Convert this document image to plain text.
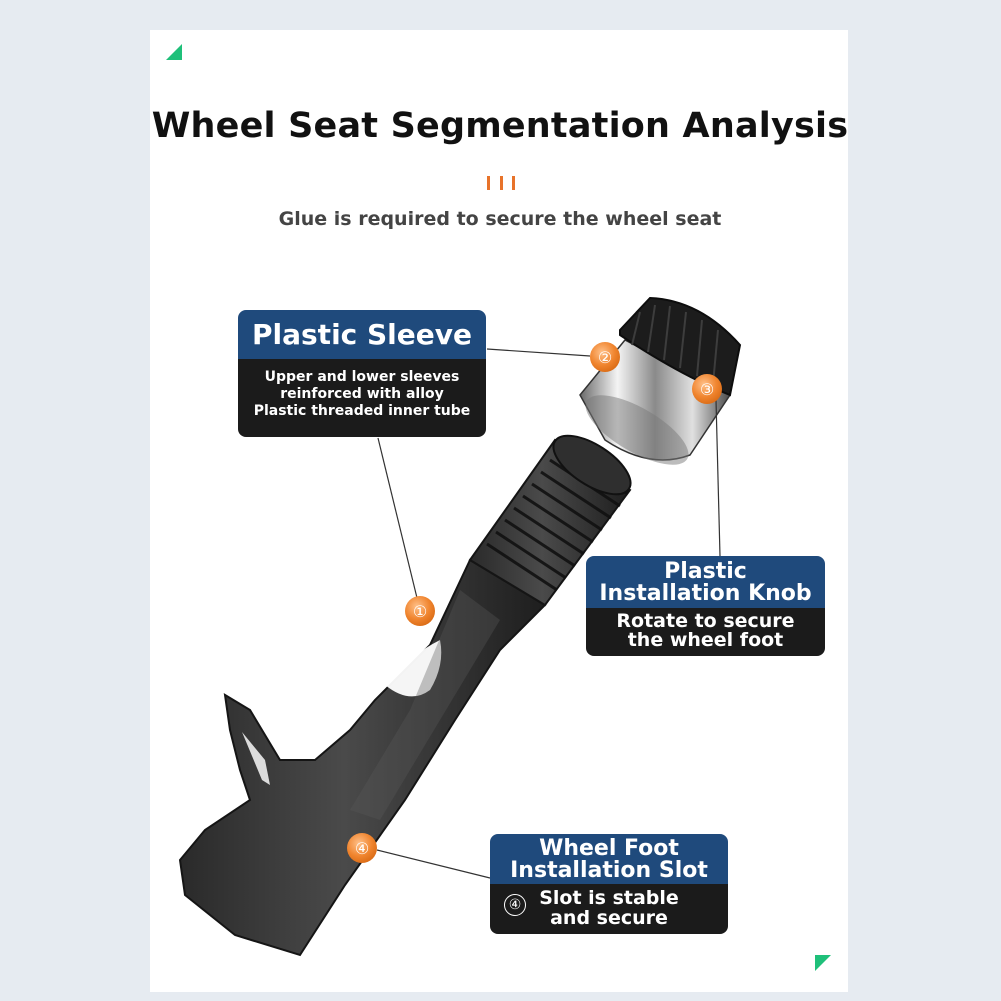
Wheel Seat Segmentation Analysis
Glue is required to secure the wheel seat
①
②
③
④
Plastic Sleeve
Upper and lower sleeves
reinforced with alloy
Plastic threaded inner tube
Plastic
Installation Knob
Rotate to secure
the wheel foot
Wheel Foot
Installation Slot
④ Slot is stable
and secure
